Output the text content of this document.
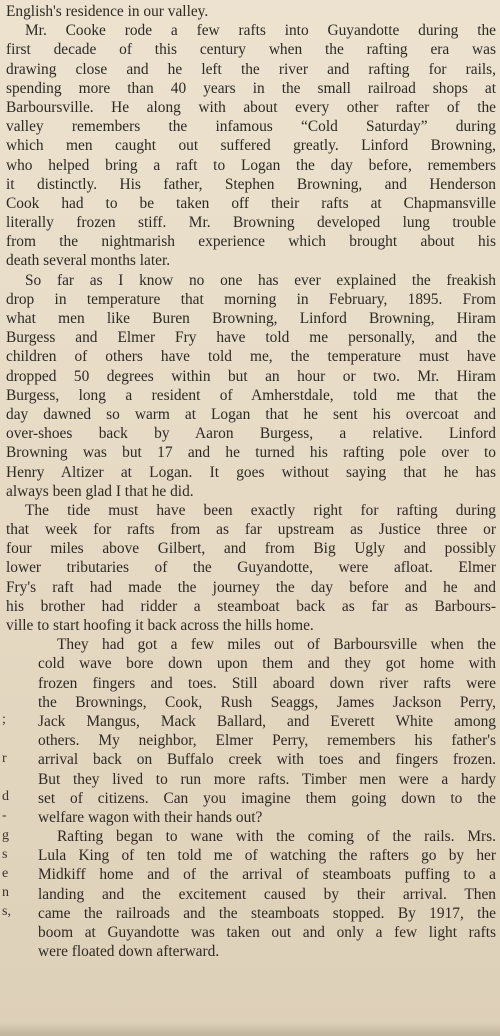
English's residence in our valley.
Mr. Cooke rode a few rafts into Guyandotte during the
first decade of this century when the rafting era was
drawing close and he left the river and rafting for rails,
spending more than 40 years in the small railroad shops at
Barboursville. He along with about every other rafter of the
valley remembers the infamous “Cold Saturday” during
which men caught out suffered greatly. Linford Browning,
who helped bring a raft to Logan the day before, remembers
it distinctly. His father, Stephen Browning, and Henderson
Cook had to be taken off their rafts at Chapmansville
literally frozen stiff. Mr. Browning developed lung trouble
from the nightmarish experience which brought about his
death several months later.
So far as I know no one has ever explained the freakish
drop in temperature that morning in February, 1895. From
what men like Buren Browning, Linford Browning, Hiram
Burgess and Elmer Fry have told me personally, and the
children of others have told me, the temperature must have
dropped 50 degrees within but an hour or two. Mr. Hiram
Burgess, long a resident of Amherstdale, told me that the
day dawned so warm at Logan that he sent his overcoat and
over-shoes back by Aaron Burgess, a relative. Linford
Browning was but 17 and he turned his rafting pole over to
Henry Altizer at Logan. It goes without saying that he has
always been glad I that he did.
The tide must have been exactly right for rafting during
that week for rafts from as far upstream as Justice three or
four miles above Gilbert, and from Big Ugly and possibly
lower tributaries of the Guyandotte, were afloat. Elmer
Fry's raft had made the journey the day before and he and
his brother had ridder a steamboat back as far as Barbours-
ville to start hoofing it back across the hills home.
They had got a few miles out of Barboursville when the
cold wave bore down upon them and they got home with
frozen fingers and toes. Still aboard down river rafts were
the Brownings, Cook, Rush Seaggs, James Jackson Perry,
Jack Mangus, Mack Ballard, and Everett White among
others. My neighbor, Elmer Perry, remembers his father's
arrival back on Buffalo creek with toes and fingers frozen.
But they lived to run more rafts. Timber men were a hardy
set of citizens. Can you imagine them going down to the
welfare wagon with their hands out?
Rafting began to wane with the coming of the rails. Mrs.
Lula King of ten told me of watching the rafters go by her
Midkiff home and of the arrival of steamboats puffing to a
landing and the excitement caused by their arrival. Then
came the railroads and the steamboats stopped. By 1917, the
boom at Guyandotte was taken out and only a few light rafts
were floated down afterward.
;
r
d
-
g
s
e
n
s,
